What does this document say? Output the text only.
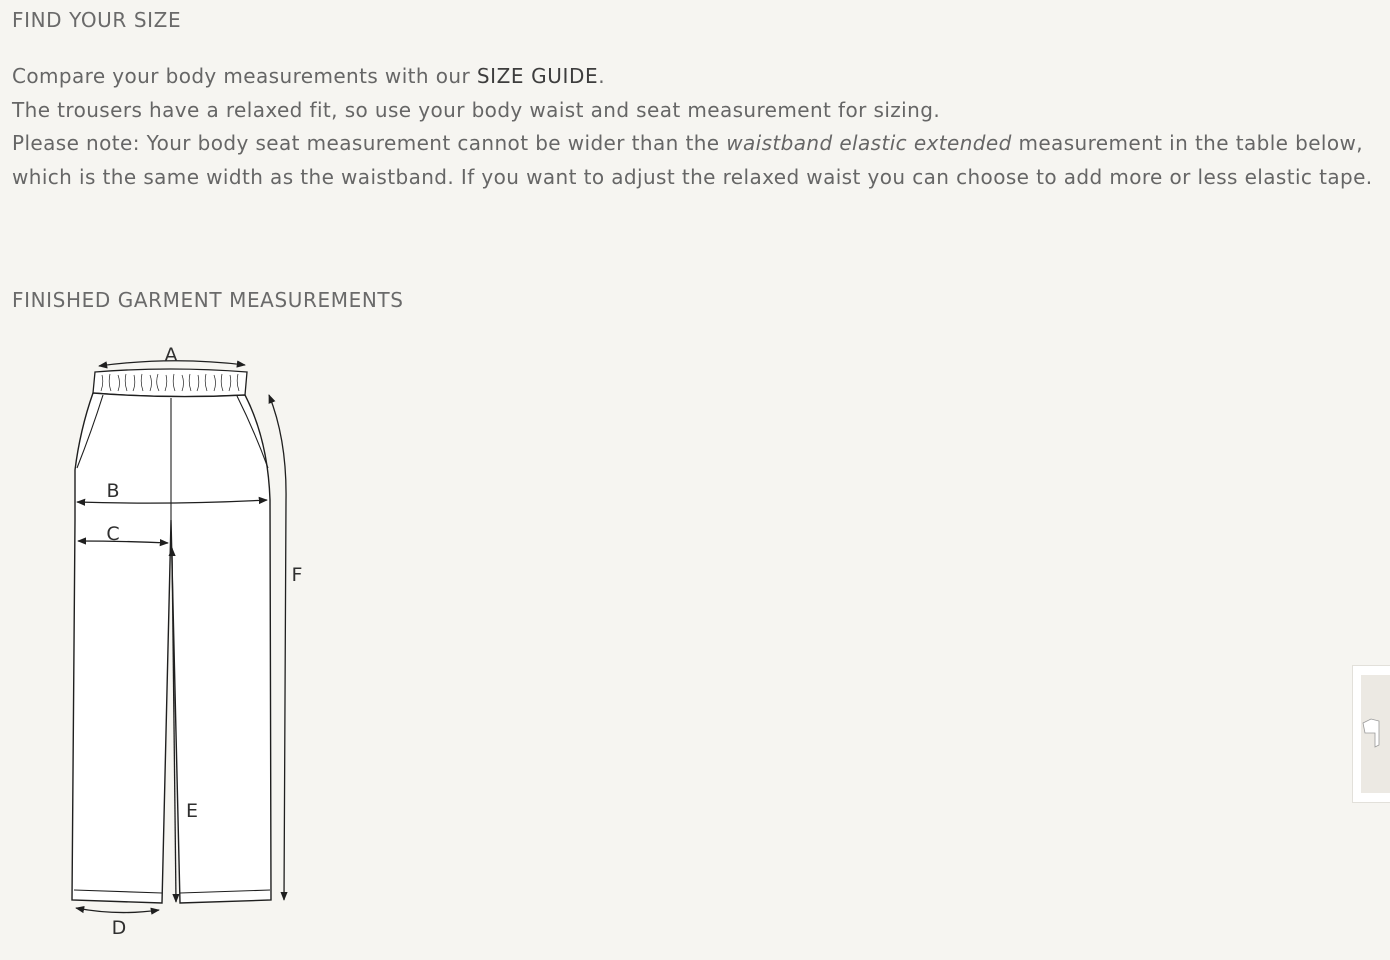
FIND YOUR SIZE

Compare your body measurements with our SIZE GUIDE.

The trousers have a relaxed fit, so use your body waist and seat measurement for sizing.

Please note: Your body seat measurement cannot be wider than the waistband elastic extended measurement in the table below, which is the same width as the waistband. If you want to adjust the relaxed waist you can choose to add more or less elastic tape.

FINISHED GARMENT MEASUREMENTS
A
B
C
D
E
F
